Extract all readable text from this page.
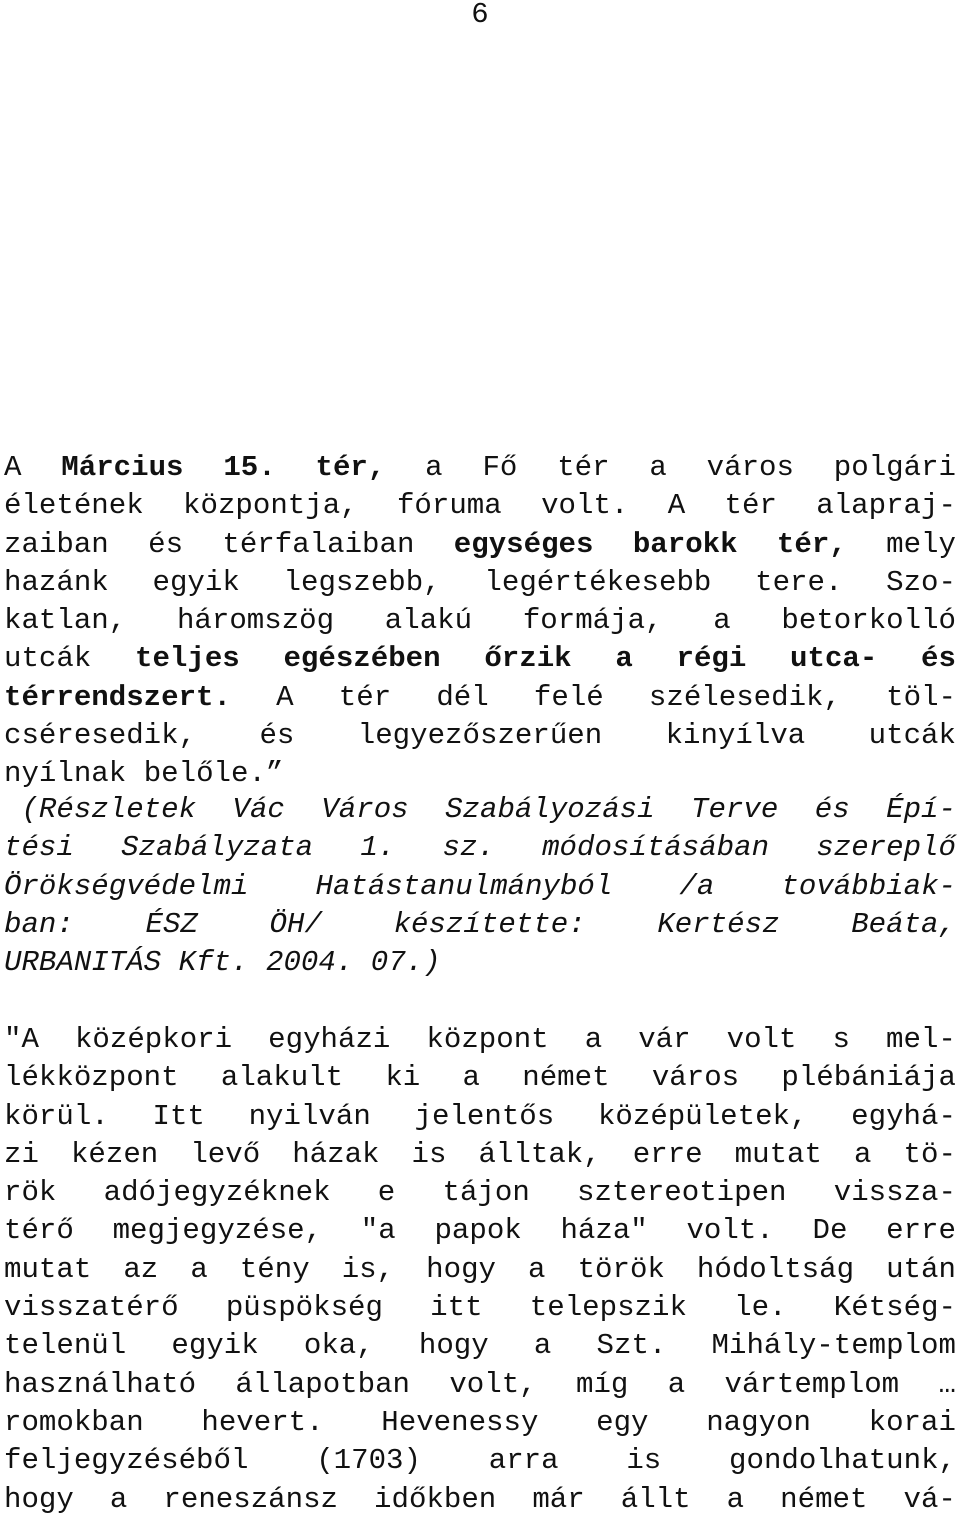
6
A Március 15. tér, a Fő tér a város polgári
életének központja, fóruma volt. A tér alapraj-
zaiban és térfalaiban egységes barokk tér, mely
hazánk egyik legszebb, legértékesebb tere. Szo-
katlan, háromszög alakú formája, a betorkolló
utcák teljes egészében őrzik a régi utca- és
térrendszert. A tér dél felé szélesedik, töl-
cséresedik, és legyezőszerűen kinyílva utcák
nyílnak belőle.”
(Részletek Vác Város Szabályozási Terve és Épí-
tési Szabályzata 1. sz. módosításában szereplő
Örökségvédelmi Hatástanulmányból /a továbbiak-
ban: ÉSZ ÖH/ készítette: Kertész Beáta,
URBANITÁS Kft. 2004. 07.)
"A középkori egyházi központ a vár volt s mel-
lékközpont alakult ki a német város plébániája
körül. Itt nyilván jelentős középületek, egyhá-
zi kézen levő házak is álltak, erre mutat a tö-
rök adójegyzéknek e tájon sztereotipen vissza-
térő megjegyzése, "a papok háza" volt. De erre
mutat az a tény is, hogy a török hódoltság után
visszatérő püspökség itt telepszik le. Kétség-
telenül egyik oka, hogy a Szt. Mihály-templom
használható állapotban volt, míg a vártemplom …
romokban hevert. Hevenessy egy nagyon korai
feljegyzéséből (1703) arra is gondolhatunk,
hogy a reneszánsz időkben már állt a német vá-
